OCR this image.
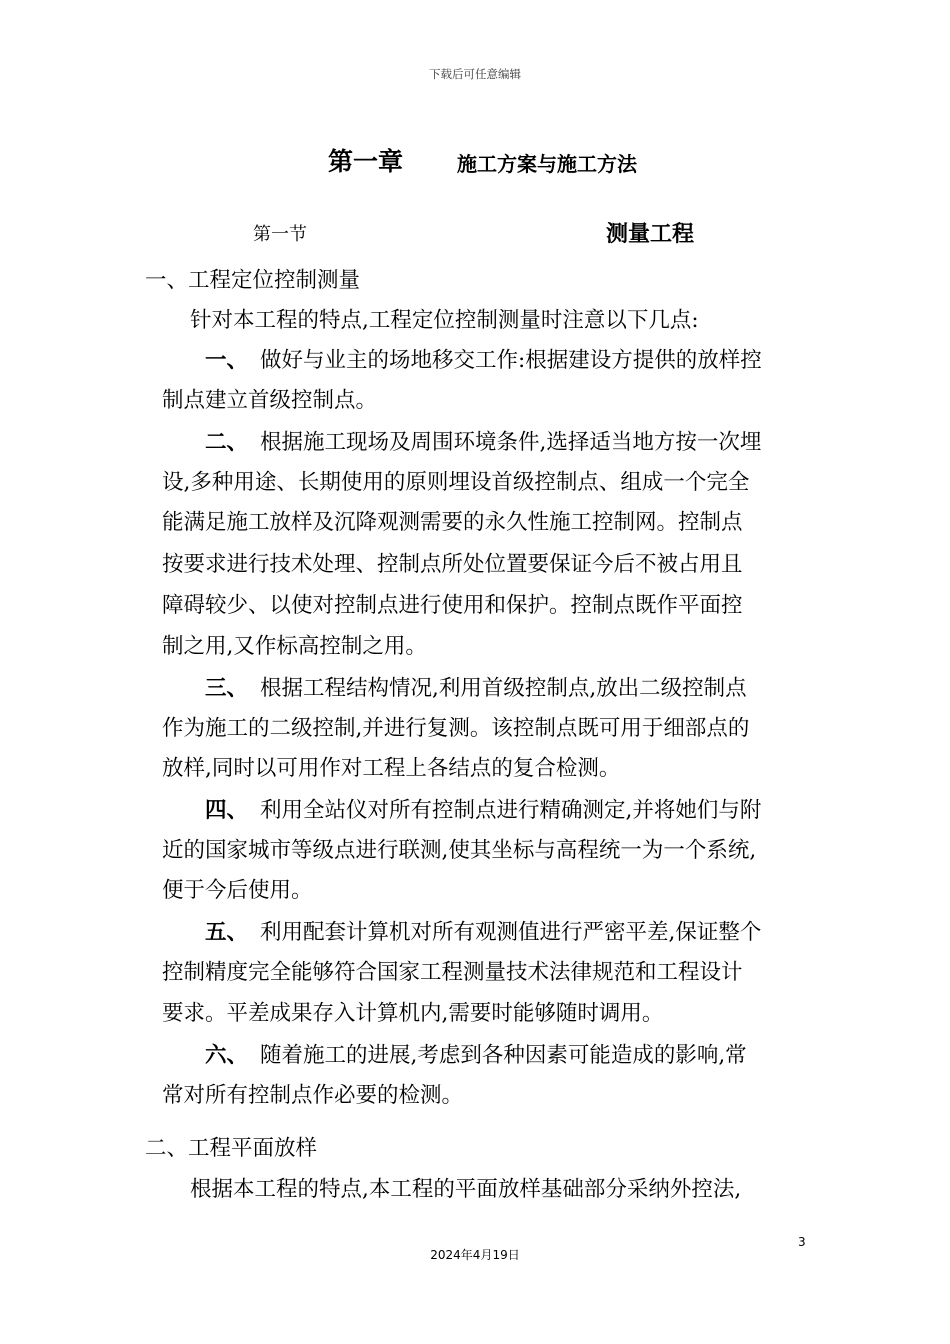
下载后可任意编辑
第一章	施工方案与施工方法
第一节	测量工程
一、工程定位控制测量
针对本工程的特点,工程定位控制测量时注意以下几点:
一、 做好与业主的场地移交工作:根据建设方提供的放样控
制点建立首级控制点。
二、 根据施工现场及周围环境条件,选择适当地方按一次埋
设,多种用途、长期使用的原则埋设首级控制点、组成一个完全
能满足施工放样及沉降观测需要的永久性施工控制网。控制点
按要求进行技术处理、控制点所处位置要保证今后不被占用且
障碍较少、以使对控制点进行使用和保护。控制点既作平面控
制之用,又作标高控制之用。
三、 根据工程结构情况,利用首级控制点,放出二级控制点
作为施工的二级控制,并进行复测。该控制点既可用于细部点的
放样,同时以可用作对工程上各结点的复合检测。
四、 利用全站仪对所有控制点进行精确测定,并将她们与附
近的国家城市等级点进行联测,使其坐标与高程统一为一个系统,
便于今后使用。
五、 利用配套计算机对所有观测值进行严密平差,保证整个
控制精度完全能够符合国家工程测量技术法律规范和工程设计
要求。平差成果存入计算机内,需要时能够随时调用。
六、 随着施工的进展,考虑到各种因素可能造成的影响,常
常对所有控制点作必要的检测。
二、工程平面放样
根据本工程的特点,本工程的平面放样基础部分采纳外控法,
3
2024年4月19日
